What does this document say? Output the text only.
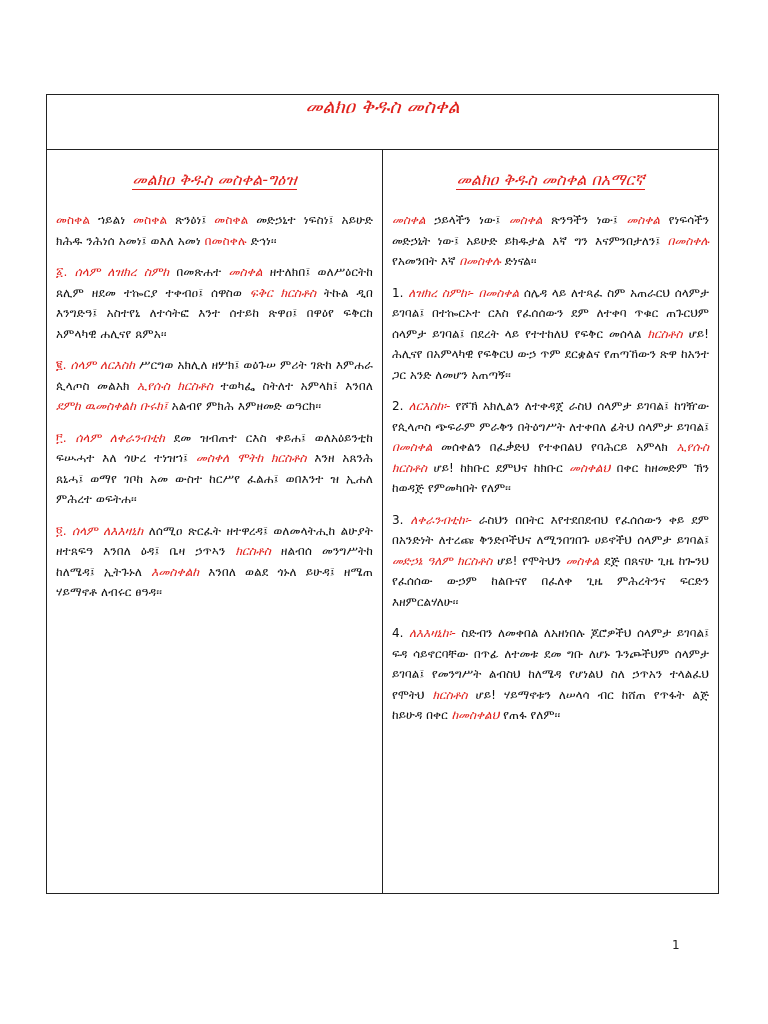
መልክዐ ቅዱስ መስቀል

መልክዐ ቅዱስ መስቀል-ግዕዝ

መስቀል ኀይልነ መስቀል ጽንዕነ፤ መስቀል መድኃኒተ ነፍስነ፤ አይሁድ ክሕዱ ንሕነሰ አመነ፤ ወእለ አመነ በመስቀሉ ድኅነ፡፡

፩. ሰላም ለዝክረ ስምከ በመጽሐተ መስቀል ዘተለክበ፤ ወለሥዕርትከ ጸሊም ዘደመ ተኰርያ ተቀብዐ፤ ሰዋስወ ፍቅር ክርስቶስ ትኩል ዲበ እንግድዓ፤ አስተየኒ ለተሳትፎ እንተ ሰተይከ ጽዋዐ፤ በዋዕየ ፍቅርከ አምላካዊ ሐሊናየ ጸምአ፡፡

፪. ሰላም ለርእስከ ሥርግወ አክሊለ ዘሦክ፤ ወዕጉሠ ምሪት ገጽከ እምሐራ ጲላጦስ መልአክ ኢየሱስ ክርስቶስ ተወካፌ ስትለተ አምላክ፤ እንበለ ደምከ ዉመስቀልከ ቡሩክ፤ አልብየ ምክሕ እምዘመድ ወዓርክ፡፡

፫. ሰላም ለቀራንብቲከ ደመ ዝብጠተ ርእስ ቀይሐ፤ ወለአዕይንቲከ ፍሡሓተ እለ ጎሁረ ተነዝኀ፤ መስቀለ ሞትከ ክርስቶስ እንዘ አጸንሕ ጸኒሓ፤ ወማየ ገቦከ አመ ውስተ ከርሥየ ፈልሐ፤ ወበእንተ ዝ ኢሐለ ምሕረተ ወፍትሐ፡፡

፬. ሰላም ለእእዛኒከ ለሰሚዐ ጽርፈት ዘተዋረዳ፤ ወለመላትሒከ ልሁያት ዘተጸፍዓ እንበለ ዕዳ፤ ቤዛ ኃጥኣን ክርስቶስ ዘልብሰ መንግሥትከ ከለሜዳ፤ ኢትጉኑለ እመስቀልከ እንበለ ወልደ ጎኑለ ይሁዳ፤ ዘሜጠ ሃይማኖቶ ለብሩር ፀዓዳ፡፡

መልክዐ ቅዱስ መስቀል በአማርኛ

መስቀል ኃይላችን ነው፤ መስቀል ጽንዓችን ነው፤ መስቀል የነፍሳችን መድኃኒት ነው፤ አይሁድ ይክዱታል እኛ ግን እናምንበታለን፤ በመስቀሉ የአመንበት እኛ በመስቀሉ ድነናል፡፡

1. ለዝክረ ስምከ፡- በመስቀል ሰሌዳ ላይ ለተጻፈ ስም አጠራርህ ሰላምታ ይገባል፤ በተኰርኦተ ርእስ የፈሰሰውን ደም ለተቀባ ጥቁር ጠጉርህም ሰላምታ ይገባል፤ በደረት ላይ የተተከለህ የፍቅር መሰላል ክርስቶስ ሆይ! ሕሊናየ በአምላካዊ የፍቅርህ ውኃ ጥም ደርቋልና የጠጣኸውን ጽዋ ከአንተ ጋር አንድ ለመሆን አጠጣኝ፡፡

2. ለርእስከ፡- የሾኽ አክሊልን ለተቀዳጀ ራስህ ሰላምታ ይገባል፤ ከገዥው የጲላጦስ ጭፍራም ምራቅን በትዕግሥት ለተቀበለ ፊትህ ሰላምታ ይገባል፤ በመስቀል መሰቀልን በፈቃድህ የተቀበልህ የባሕርይ አምላክ ኢየሱስ ክርስቶስ ሆይ! ከክቡር ደምህና ከክቡር መስቀልህ በቀር ከዘመድም ኽን ከወዳጅ የምመካበት የለም፡፡

3. ለቀራንብቲከ፡- ራስህን በበትር እየተደበደብህ የፈሰሰውን ቀይ ደም በአንድነት ለተረጩ ቅንድቦችህና ለሚንበገበጉ ሀይኖችህ ሰላምታ ይገባል፤ መድኃኔ ዓለም ክርስቶስ ሆይ! የሞትህን መስቀል ደጅ በጸናሁ ጊዜ ከጐንህ የፈሰሰው ውኃም ከልቡናየ በፈለቀ ጊዜ ምሕረትንና ፍርድን እዘምርልሃለሁ፡፡

4. ለእእዛኒከ፡- ስድብን ለመቀበል ለአዘነበሉ ጆሮዎችህ ሰላምታ ይገባል፤ ፍዳ ሳይኖርባቸው በጥፊ ለተመቱ ደመ ግቡ ለሆኑ ጉንጮችህም ሰላምታ ይገባል፤ የመንግሥት ልብስህ ከለሜዳ የሆነልህ ስለ ኃጥአን ተላልፈህ የሞትህ ክርስቶስ ሆይ! ሃይማኖቱን ለሠላሳ ብር ከሸጠ የጥፋት ልጅ ከይሁዳ በቀር ከመስቀልህ የጠፋ የለም፡፡

1
